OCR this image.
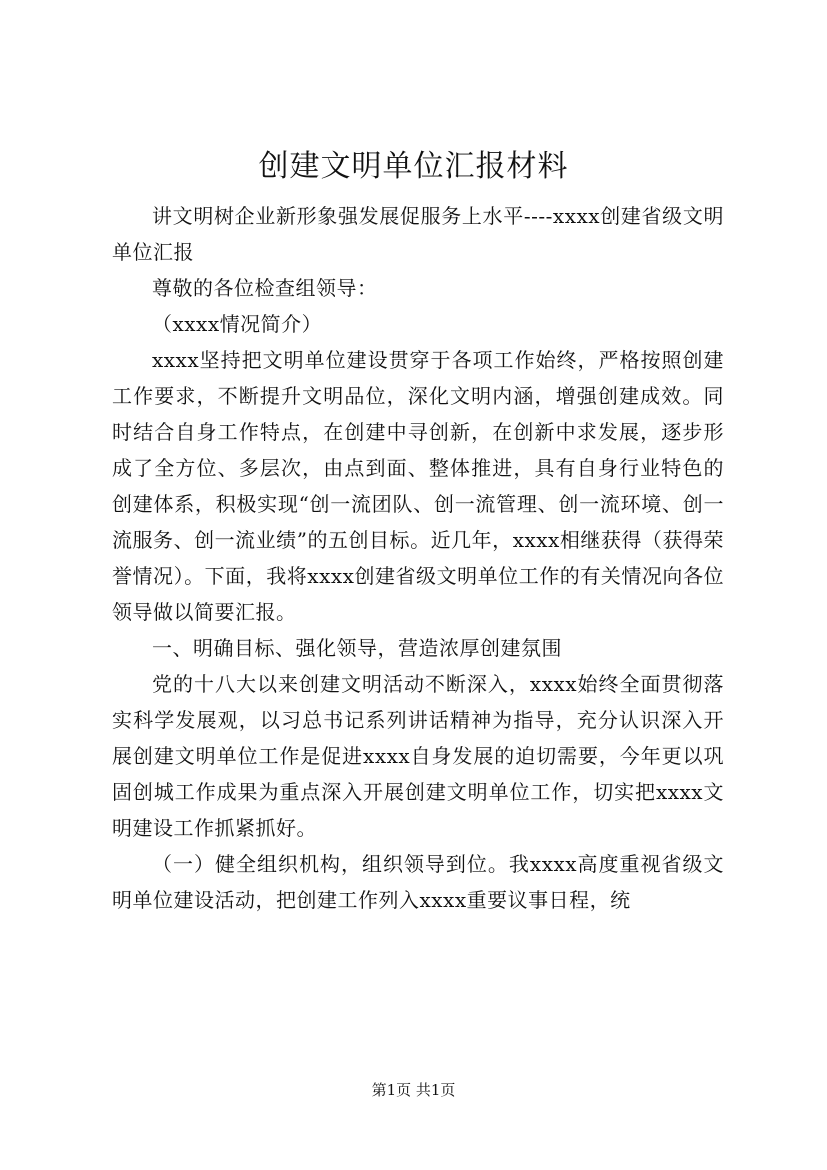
创建文明单位汇报材料

讲文明树企业新形象强发展促服务上水平----xxxx创建省级文明单位汇报

尊敬的各位检查组领导：

（xxxx情况简介）

xxxx坚持把文明单位建设贯穿于各项工作始终，严格按照创建工作要求，不断提升文明品位，深化文明内涵，增强创建成效。同时结合自身工作特点，在创建中寻创新，在创新中求发展，逐步形成了全方位、多层次，由点到面、整体推进，具有自身行业特色的创建体系，积极实现“创一流团队、创一流管理、创一流环境、创一流服务、创一流业绩”的五创目标。近几年，xxxx相继获得（获得荣誉情况）。下面，我将xxxx创建省级文明单位工作的有关情况向各位领导做以简要汇报。

一、明确目标、强化领导，营造浓厚创建氛围

党的十八大以来创建文明活动不断深入，xxxx始终全面贯彻落实科学发展观，以习总书记系列讲话精神为指导，充分认识深入开展创建文明单位工作是促进xxxx自身发展的迫切需要，今年更以巩固创城工作成果为重点深入开展创建文明单位工作，切实把xxxx文明建设工作抓紧抓好。

（一）健全组织机构，组织领导到位。我xxxx高度重视省级文明单位建设活动，把创建工作列入xxxx重要议事日程，统

第1页 共1页
